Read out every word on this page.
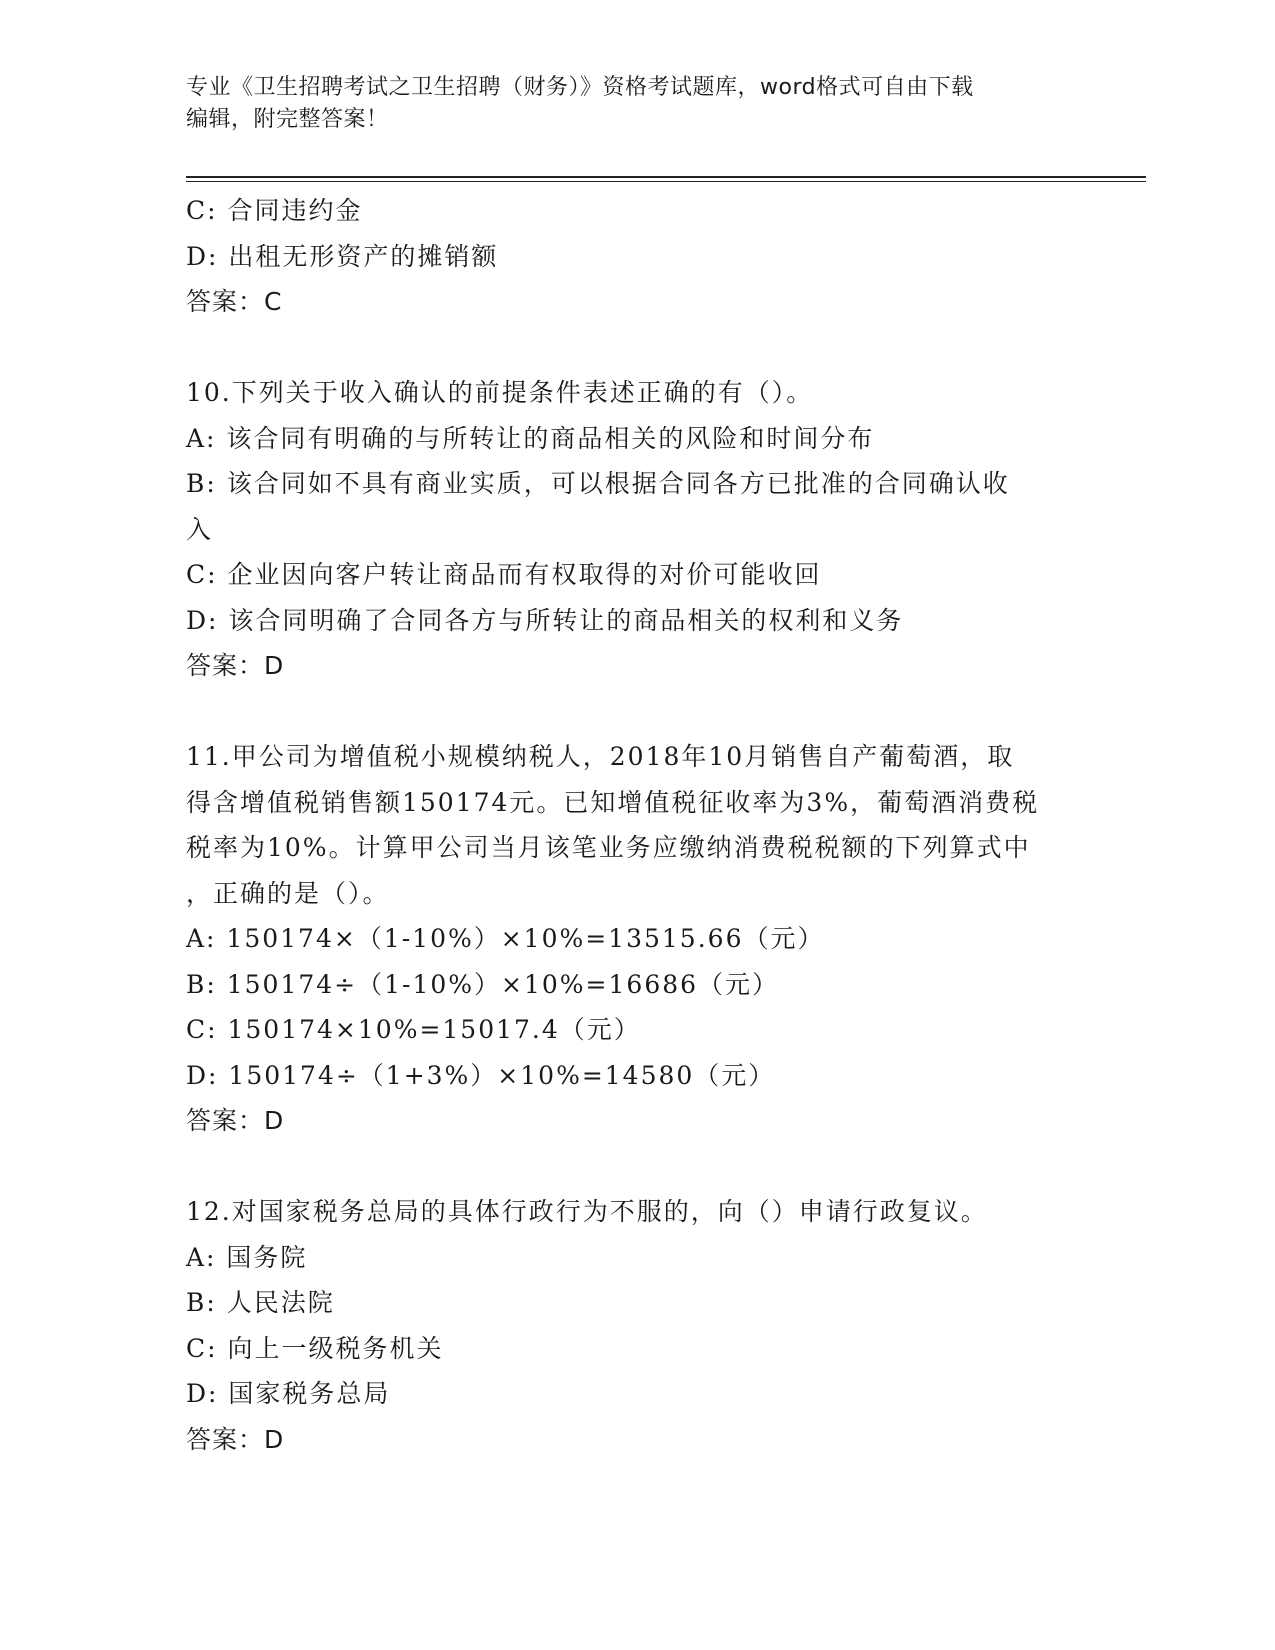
专业《卫生招聘考试之卫生招聘（财务）》资格考试题库，word格式可自由下载
编辑，附完整答案！

C: 合同违约金

D: 出租无形资产的摊销额

答案：C

10.下列关于收入确认的前提条件表述正确的有（）。

A: 该合同有明确的与所转让的商品相关的风险和时间分布

B: 该合同如不具有商业实质，可以根据合同各方已批准的合同确认收

入

C: 企业因向客户转让商品而有权取得的对价可能收回

D: 该合同明确了合同各方与所转让的商品相关的权利和义务

答案：D

11.甲公司为增值税小规模纳税人，2018年10月销售自产葡萄酒，取

得含增值税销售额150174元。已知增值税征收率为3%，葡萄酒消费税

税率为10%。计算甲公司当月该笔业务应缴纳消费税税额的下列算式中

，正确的是（）。

A: 150174×（1-10%）×10%=13515.66（元）

B: 150174÷（1-10%）×10%=16686（元）

C: 150174×10%=15017.4（元）

D: 150174÷（1+3%）×10%=14580（元）

答案：D

12.对国家税务总局的具体行政行为不服的，向（）申请行政复议。

A: 国务院

B: 人民法院

C: 向上一级税务机关

D: 国家税务总局

答案：D
